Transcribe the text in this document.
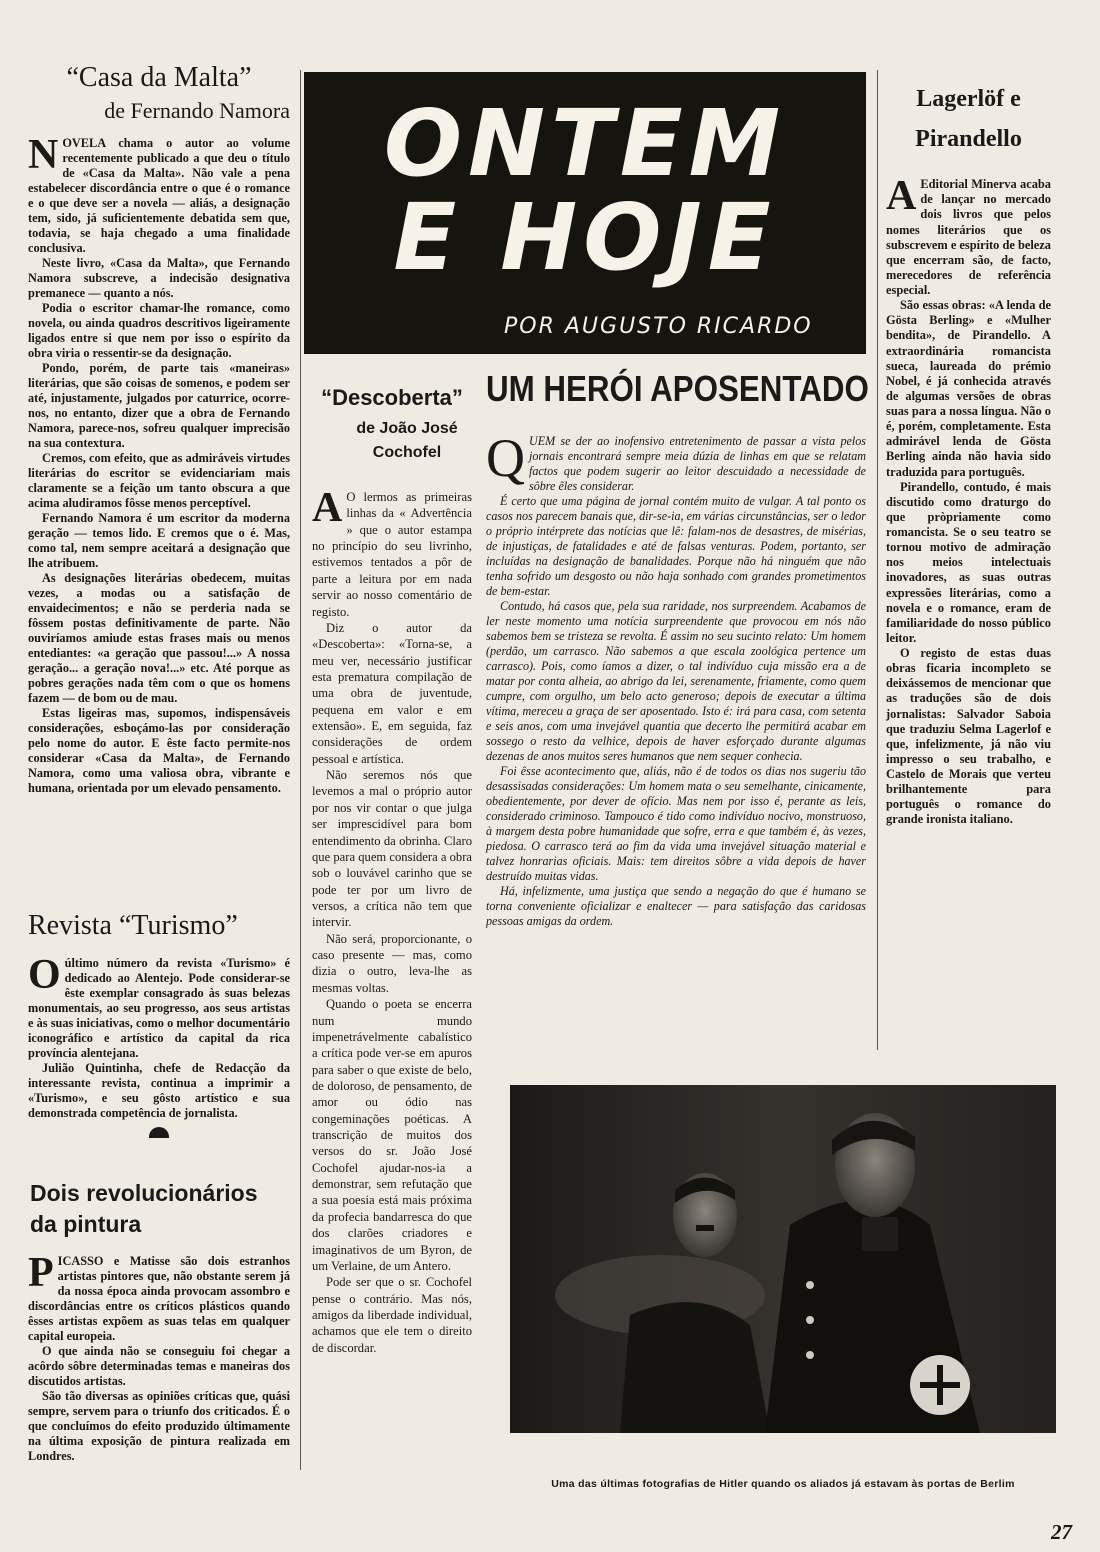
“Casa da Malta”
de Fernando Namora
N OVELA chama o autor ao volume recentemente publicado a que deu o título de «Casa da Malta». Não vale a pena estabelecer discordância entre o que é o romance e o que deve ser a novela — aliás, a designação tem, sido, já suficientemente debatida sem que, todavia, se haja chegado a uma finalidade conclusiva.

Neste livro, «Casa da Malta», que Fernando Namora subscreve, a indecisão designativa premanece — quanto a nós.

Podia o escritor chamar-lhe romance, como novela, ou ainda quadros descritivos ligeiramente ligados entre si que nem por isso o espírito da obra viria o ressentir-se da designação.

Pondo, porém, de parte tais «maneiras» literárias, que são coisas de somenos, e podem ser até, injustamente, julgados por caturrice, ocorre-nos, no entanto, dizer que a obra de Fernando Namora, parece-nos, sofreu qualquer imprecisão na sua contextura.

Cremos, com efeito, que as admiráveis virtudes literárias do escritor se evidenciariam mais claramente se a feição um tanto obscura a que acima aludiramos fôsse menos perceptível.

Fernando Namora é um escritor da moderna geração — temos lido. E cremos que o é. Mas, como tal, nem sempre aceitará a designação que lhe atribuem.

As designações literárias obedecem, muitas vezes, a modas ou a satisfação de envaidecimentos; e não se perderia nada se fôssem postas definitivamente de parte. Não ouviríamos amiude estas frases mais ou menos entediantes: «a geração que passou!...» A nossa geração... a geração nova!...» etc. Até porque as pobres gerações nada têm com o que os homens fazem — de bom ou de mau.

Estas ligeiras mas, supomos, indispensáveis considerações, esboçámo-las por consideração pelo nome do autor. E êste facto permite-nos considerar «Casa da Malta», de Fernando Namora, como uma valiosa obra, vibrante e humana, orientada por um elevado pensamento.

Revista “Turismo”
O último número da revista «Turismo» é dedicado ao Alentejo. Pode considerar-se êste exemplar consagrado às suas belezas monumentais, ao seu progresso, aos seus artistas e às suas iniciativas, como o melhor documentário iconográfico e artístico da capital da rica província alentejana.

Julião Quintinha, chefe de Redacção da interessante revista, continua a imprimir a «Turismo», e seu gôsto artístico e sua demonstrada competência de jornalista.

Dois revolucionários da pintura
P ICASSO e Matisse são dois estranhos artistas pintores que, não obstante serem já da nossa época ainda provocam assombro e discordâncias entre os críticos plásticos quando êsses artistas expõem as suas telas em qualquer capital europeia.

O que ainda não se conseguiu foi chegar a acôrdo sôbre determinadas temas e maneiras dos discutidos artistas.

São tão diversas as opiniões críticas que, quási sempre, servem para o triunfo dos criticados. É o que concluímos do efeito produzido últimamente na última exposição de pintura realizada em Londres.

ONTEM
E HOJE
POR AUGUSTO RICARDO
“Descoberta”
de João José Cochofel
A O lermos as primeiras linhas da « Advertência » que o autor estampa no princípio do seu livrinho, estivemos tentados a pôr de parte a leitura por em nada servir ao nosso comentário de registo.

Diz o autor da «Descoberta»: «Torna-se, a meu ver, necessário justificar esta prematura compilação de uma obra de juventude, pequena em valor e em extensão». E, em seguida, faz considerações de ordem pessoal e artística.

Não seremos nós que levemos a mal o próprio autor por nos vir contar o que julga ser imprescidível para bom entendimento da obrinha. Claro que para quem considera a obra sob o louvável carinho que se pode ter por um livro de versos, a crítica não tem que intervir.

Não será, proporcionante, o caso presente — mas, como dizia o outro, leva-lhe as mesmas voltas.

Quando o poeta se encerra num mundo impenetrávelmente cabalístico a crítica pode ver-se em apuros para saber o que existe de belo, de doloroso, de pensamento, de amor ou ódio nas congeminações poéticas. A transcrição de muitos dos versos do sr. João José Cochofel ajudar-nos-ia a demonstrar, sem refutação que a sua poesia está mais próxima da profecia bandarresca do que dos clarões criadores e imaginativos de um Byron, de um Verlaine, de um Antero.

Pode ser que o sr. Cochofel pense o contrário. Mas nós, amigos da liberdade individual, achamos que ele tem o direito de discordar.

UM HERÓI APOSENTADO
Q UEM se der ao inofensivo entretenimento de passar a vista pelos jornais encontrará sempre meia dúzia de linhas em que se relatam factos que podem sugerir ao leitor descuidado a necessidade de sôbre êles considerar.

É certo que uma página de jornal contém muito de vulgar. A tal ponto os casos nos parecem banais que, dir-se-ia, em várias circunstâncias, ser o ledor o próprio intérprete das notícias que lê: falam-nos de desastres, de misérias, de injustiças, de fatalidades e até de falsas venturas. Podem, portanto, ser incluídas na designação de banalidades. Porque não há ninguém que não tenha sofrido um desgosto ou não haja sonhado com grandes prometimentos de bem-estar.

Contudo, há casos que, pela sua raridade, nos surpreendem. Acabamos de ler neste momento uma notícia surpreendente que provocou em nós não sabemos bem se tristeza se revolta. É assim no seu sucinto relato: Um homem (perdão, um carrasco. Não sabemos a que escala zoológica pertence um carrasco). Pois, como íamos a dizer, o tal indivíduo cuja missão era a de matar por conta alheia, ao abrigo da lei, serenamente, friamente, como quem cumpre, com orgulho, um belo acto generoso; depois de executar a última vítima, mereceu a graça de ser aposentado. Isto é: irá para casa, com setenta e seis anos, com uma invejável quantia que decerto lhe permitirá acabar em sossego o resto da velhice, depois de haver esforçado durante algumas dezenas de anos muitos seres humanos que nem sequer conhecia.

Foi êsse acontecimento que, aliás, não é de todos os dias nos sugeriu tão desassisadas considerações: Um homem mata o seu semelhante, cinicamente, obedientemente, por dever de ofício. Mas nem por isso é, perante as leis, considerado criminoso. Tampouco é tido como indivíduo nocivo, monstruoso, à margem desta pobre humanidade que sofre, erra e que também é, às vezes, piedosa. O carrasco terá ao fim da vida uma invejável situação material e talvez honrarias oficiais. Mais: tem direitos sôbre a vida depois de haver destruído muitas vidas.

Há, infelizmente, uma justiça que sendo a negação do que é humano se torna conveniente oficializar e enaltecer — para satisfação das caridosas pessoas amigas da ordem.

Lagerlöf e Pirandello
A Editorial Minerva acaba de lançar no mercado dois livros que pelos nomes literários que os subscrevem e espírito de beleza que encerram são, de facto, merecedores de referência especial.

São essas obras: «A lenda de Gösta Berling» e «Mulher bendita», de Pirandello. A extraordinária romancista sueca, laureada do prémio Nobel, é já conhecida através de algumas versões de obras suas para a nossa língua. Não o é, porém, completamente. Esta admirável lenda de Gösta Berling ainda não havia sido traduzida para português.

Pirandello, contudo, é mais discutido como draturgo do que pròpriamente como romancista. Se o seu teatro se tornou motivo de admiração nos meios intelectuais inovadores, as suas outras expressões literárias, como a novela e o romance, eram de familiaridade do nosso público leitor.

O registo de estas duas obras ficaria incompleto se deixássemos de mencionar que as traduções são de dois jornalistas: Salvador Saboia que traduziu Selma Lagerlof e que, infelizmente, já não viu impresso o seu trabalho, e Castelo de Morais que verteu brilhantemente para português o romance do grande ironista italiano.

Uma das últimas fotografias de Hitler quando os aliados já estavam às portas de Berlim
27
